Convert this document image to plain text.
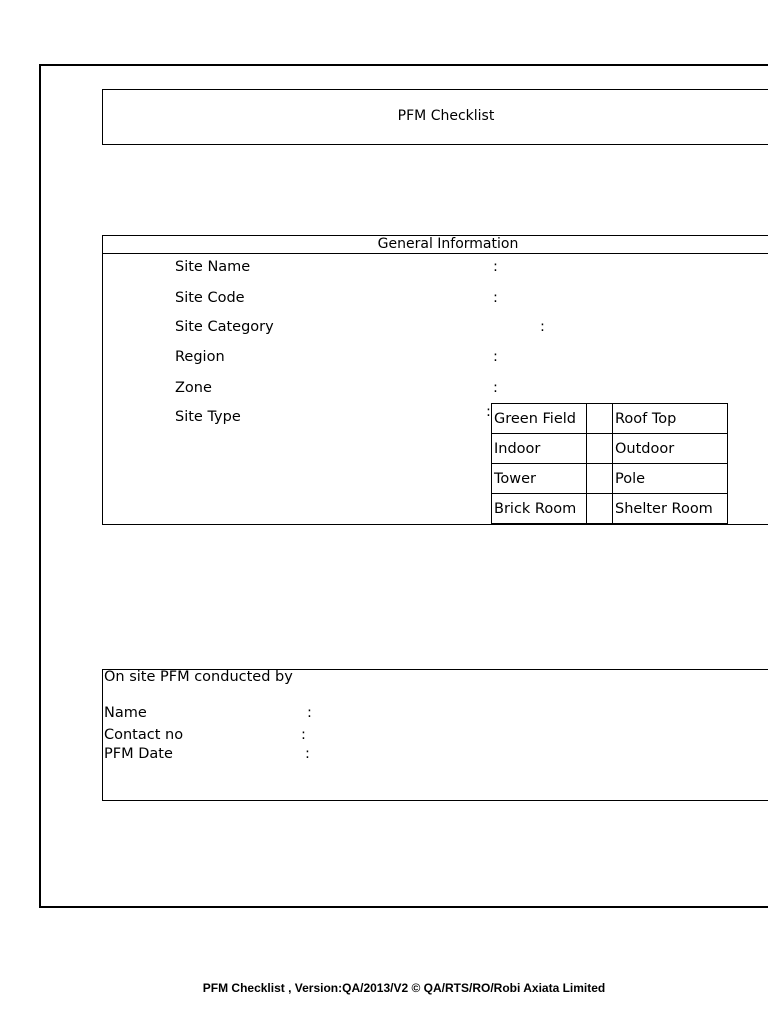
PFM Checklist
General Information
Site Name	:
Site Code	:
Site Category	:
Region	:
Zone	:
Site Type	: Green Field		Roof Top
Indoor		Outdoor
Tower		Pole
Brick Room		Shelter Room
On site PFM conducted by
Name	:
Contact no	:
PFM Date	:
PFM Checklist , Version:QA/2013/V2 © QA/RTS/RO/Robi Axiata Limited
